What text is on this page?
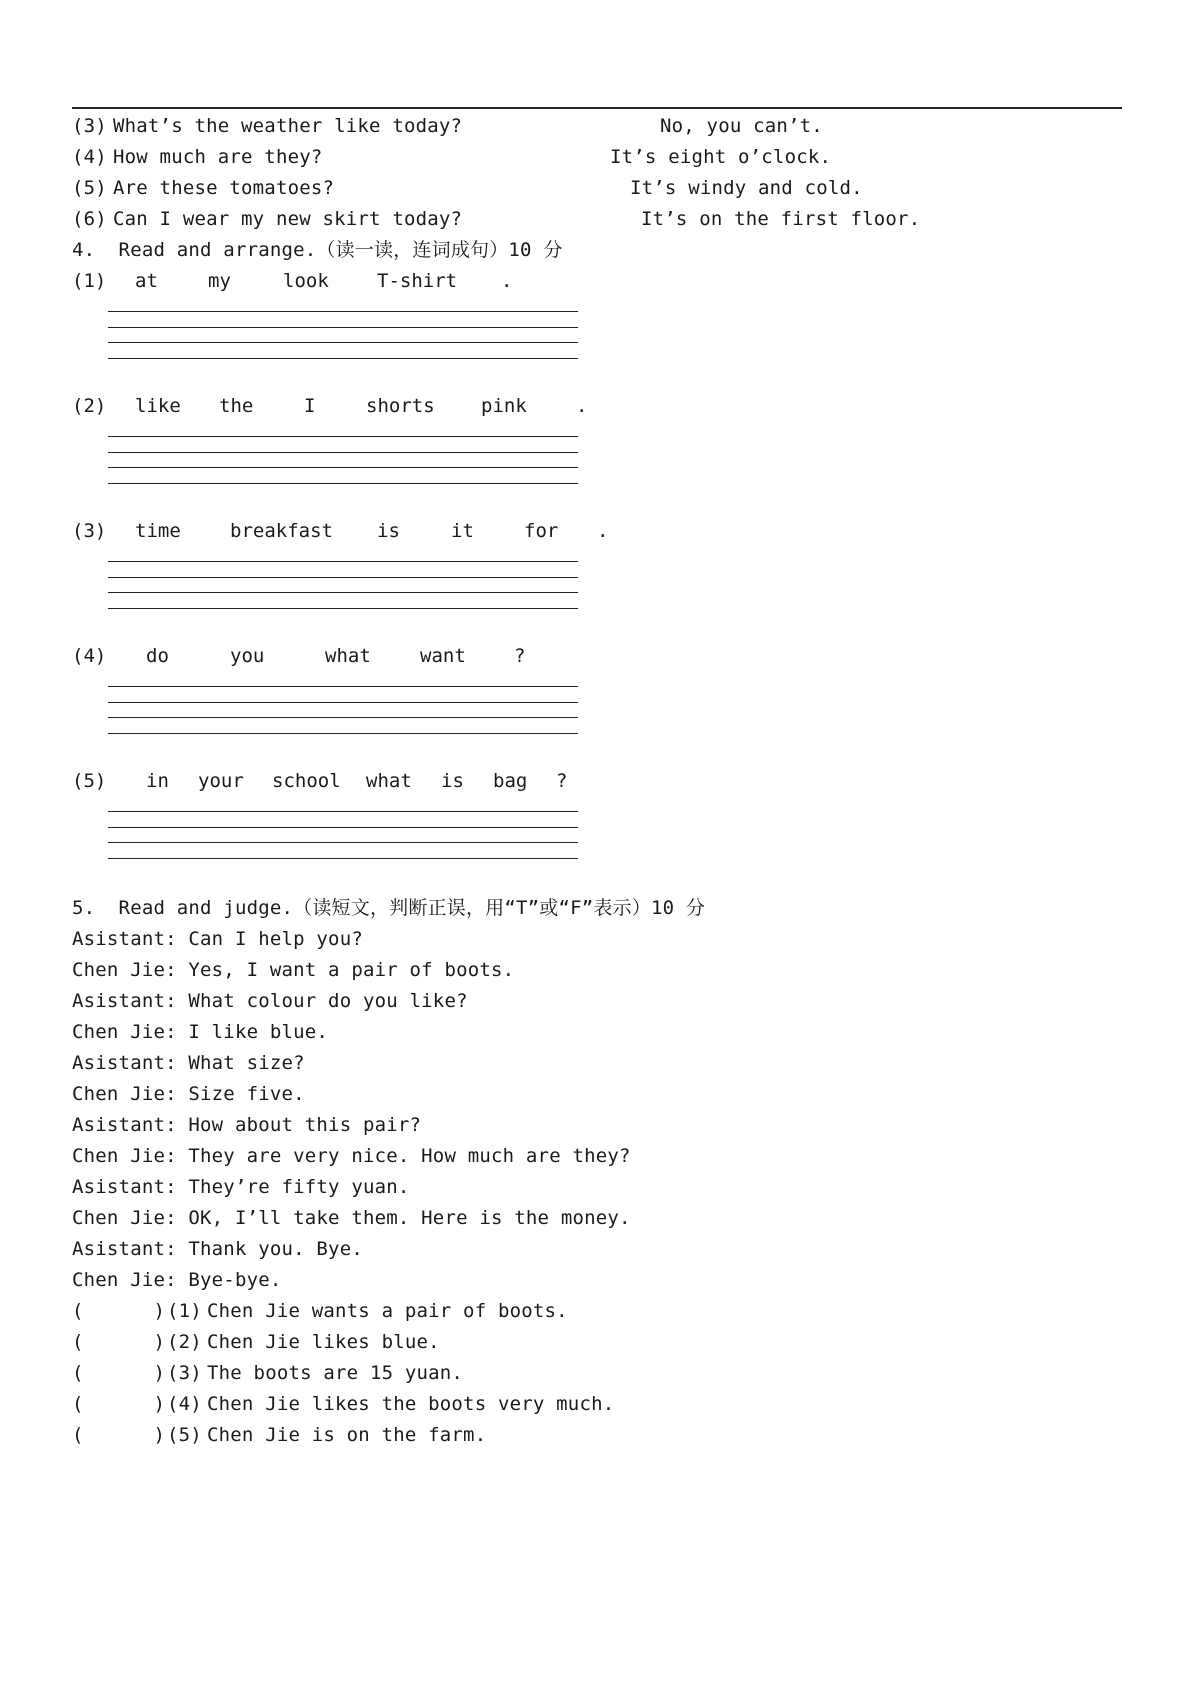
(3) What’s the weather like today?	No, you can’t.
(4) How much are they?	It’s eight o’clock.
(5) Are these tomatoes?	It’s windy and cold.
(6) Can I wear my new skirt today?	It’s on the first floor.
4.  Read and arrange.（读一读，连词成句）10 分
(1) at	my	look	T-shirt .
(2) like the	I	shorts pink	.
(3) time	breakfast is	it	for .
(4) do	you	what	want	?
(5) in your school what is bag ?
5.  Read and judge.（读短文，判断正误，用“T”或“F”表示）10 分
Asistant: Can I help you?
Chen Jie: Yes, I want a pair of boots.
Asistant: What colour do you like?
Chen Jie: I like blue.
Asistant: What size?
Chen Jie: Size five.
Asistant: How about this pair?
Chen Jie: They are very nice. How much are they?
Asistant: They’re fifty yuan.
Chen Jie: OK, I’ll take them. Here is the money.
Asistant: Thank you. Bye.
Chen Jie: Bye-bye.
(      ) (1) Chen Jie wants a pair of boots.
(      ) (2) Chen Jie likes blue.
(      ) (3) The boots are 15 yuan.
(      ) (4) Chen Jie likes the boots very much.
(      ) (5) Chen Jie is on the farm.
